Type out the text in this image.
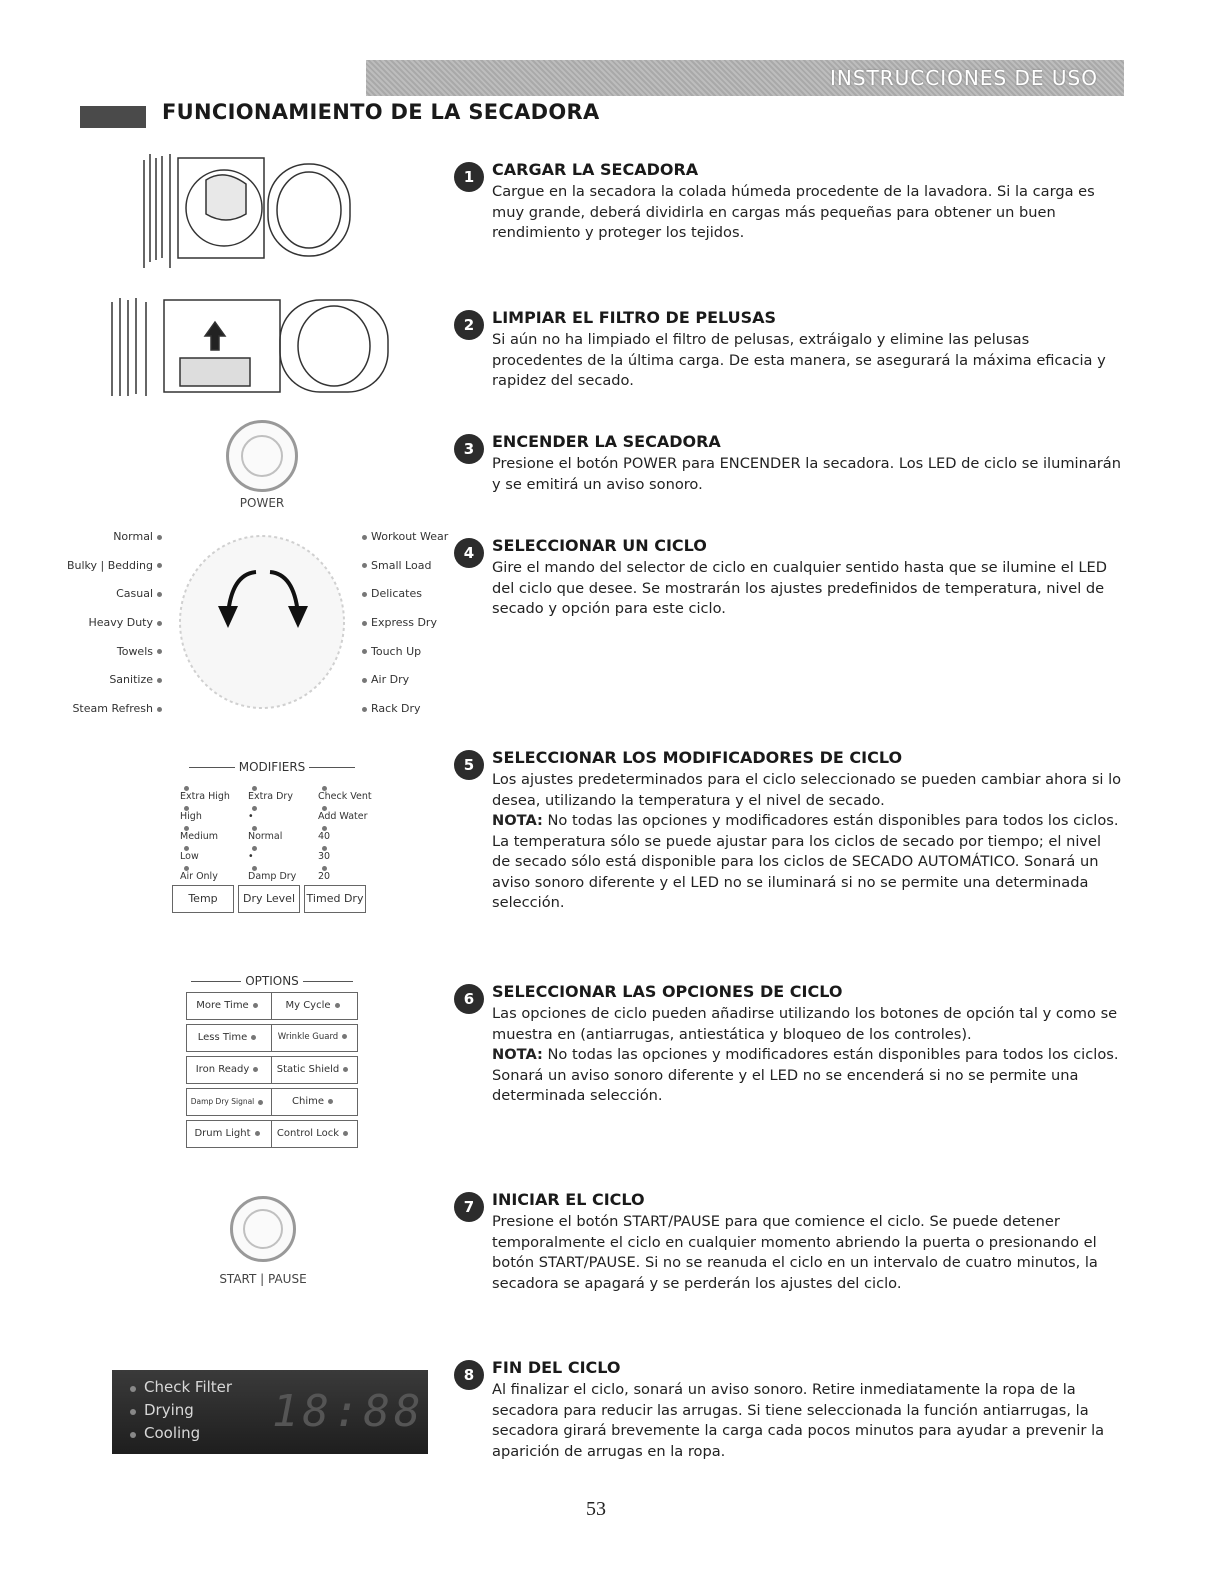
INSTRUCCIONES DE USO
FUNCIONAMIENTO DE LA SECADORA
POWER
Normal
Bulky | Bedding
Casual
Heavy Duty
Towels
Sanitize
Steam Refresh
Workout Wear
Small Load
Delicates
Express Dry
Touch Up
Air Dry
Rack Dry
MODIFIERS
Extra High	Extra Dry	Check Vent
High	•	Add Water
Medium	Normal	40
Low	•	30
Air Only	Damp Dry	20
Temp	Dry Level	Timed Dry
OPTIONS
More Time	My Cycle
Less Time	Wrinkle Guard
Iron Ready	Static Shield
Damp Dry Signal	Chime
Drum Light	Control Lock
START | PAUSE
Check Filter
Drying
Cooling 18:88
1	CARGAR LA SECADORA
Cargue en la secadora la colada húmeda procedente de la lavadora. Si la carga es muy grande, deberá dividirla en cargas más pequeñas para obtener un buen rendimiento y proteger los tejidos.
2	LIMPIAR EL FILTRO DE PELUSAS
Si aún no ha limpiado el filtro de pelusas, extráigalo y elimine las pelusas procedentes de la última carga. De esta manera, se asegurará la máxima eficacia y rapidez del secado.
3	ENCENDER LA SECADORA
Presione el botón POWER para ENCENDER la secadora. Los LED de ciclo se iluminarán y se emitirá un aviso sonoro.
4	SELECCIONAR UN CICLO
Gire el mando del selector de ciclo en cualquier sentido hasta que se ilumine el LED del ciclo que desee. Se mostrarán los ajustes predefinidos de temperatura, nivel de secado y opción para este ciclo.
5	SELECCIONAR LOS MODIFICADORES DE CICLO
Los ajustes predeterminados para el ciclo seleccionado se pueden cambiar ahora si lo desea, utilizando la temperatura y el nivel de secado.
NOTA: No todas las opciones y modificadores están disponibles para todos los ciclos. La temperatura sólo se puede ajustar para los ciclos de secado por tiempo; el nivel de secado sólo está disponible para los ciclos de SECADO AUTOMÁTICO. Sonará un aviso sonoro diferente y el LED no se iluminará si no se permite una determinada selección.
6	SELECCIONAR LAS OPCIONES DE CICLO
Las opciones de ciclo pueden añadirse utilizando los botones de opción tal y como se muestra en (antiarrugas, antiestática y bloqueo de los controles).
NOTA: No todas las opciones y modificadores están disponibles para todos los ciclos. Sonará un aviso sonoro diferente y el LED no se encenderá si no se permite una determinada selección.
7	INICIAR EL CICLO
Presione el botón START/PAUSE para que comience el ciclo. Se puede detener temporalmente el ciclo en cualquier momento abriendo la puerta o presionando el botón START/PAUSE. Si no se reanuda el ciclo en un intervalo de cuatro minutos, la secadora se apagará y se perderán los ajustes del ciclo.
8	FIN DEL CICLO
Al finalizar el ciclo, sonará un aviso sonoro. Retire inmediatamente la ropa de la secadora para reducir las arrugas. Si tiene seleccionada la función antiarrugas, la secadora girará brevemente la carga cada pocos minutos para ayudar a prevenir la aparición de arrugas en la ropa.
53
